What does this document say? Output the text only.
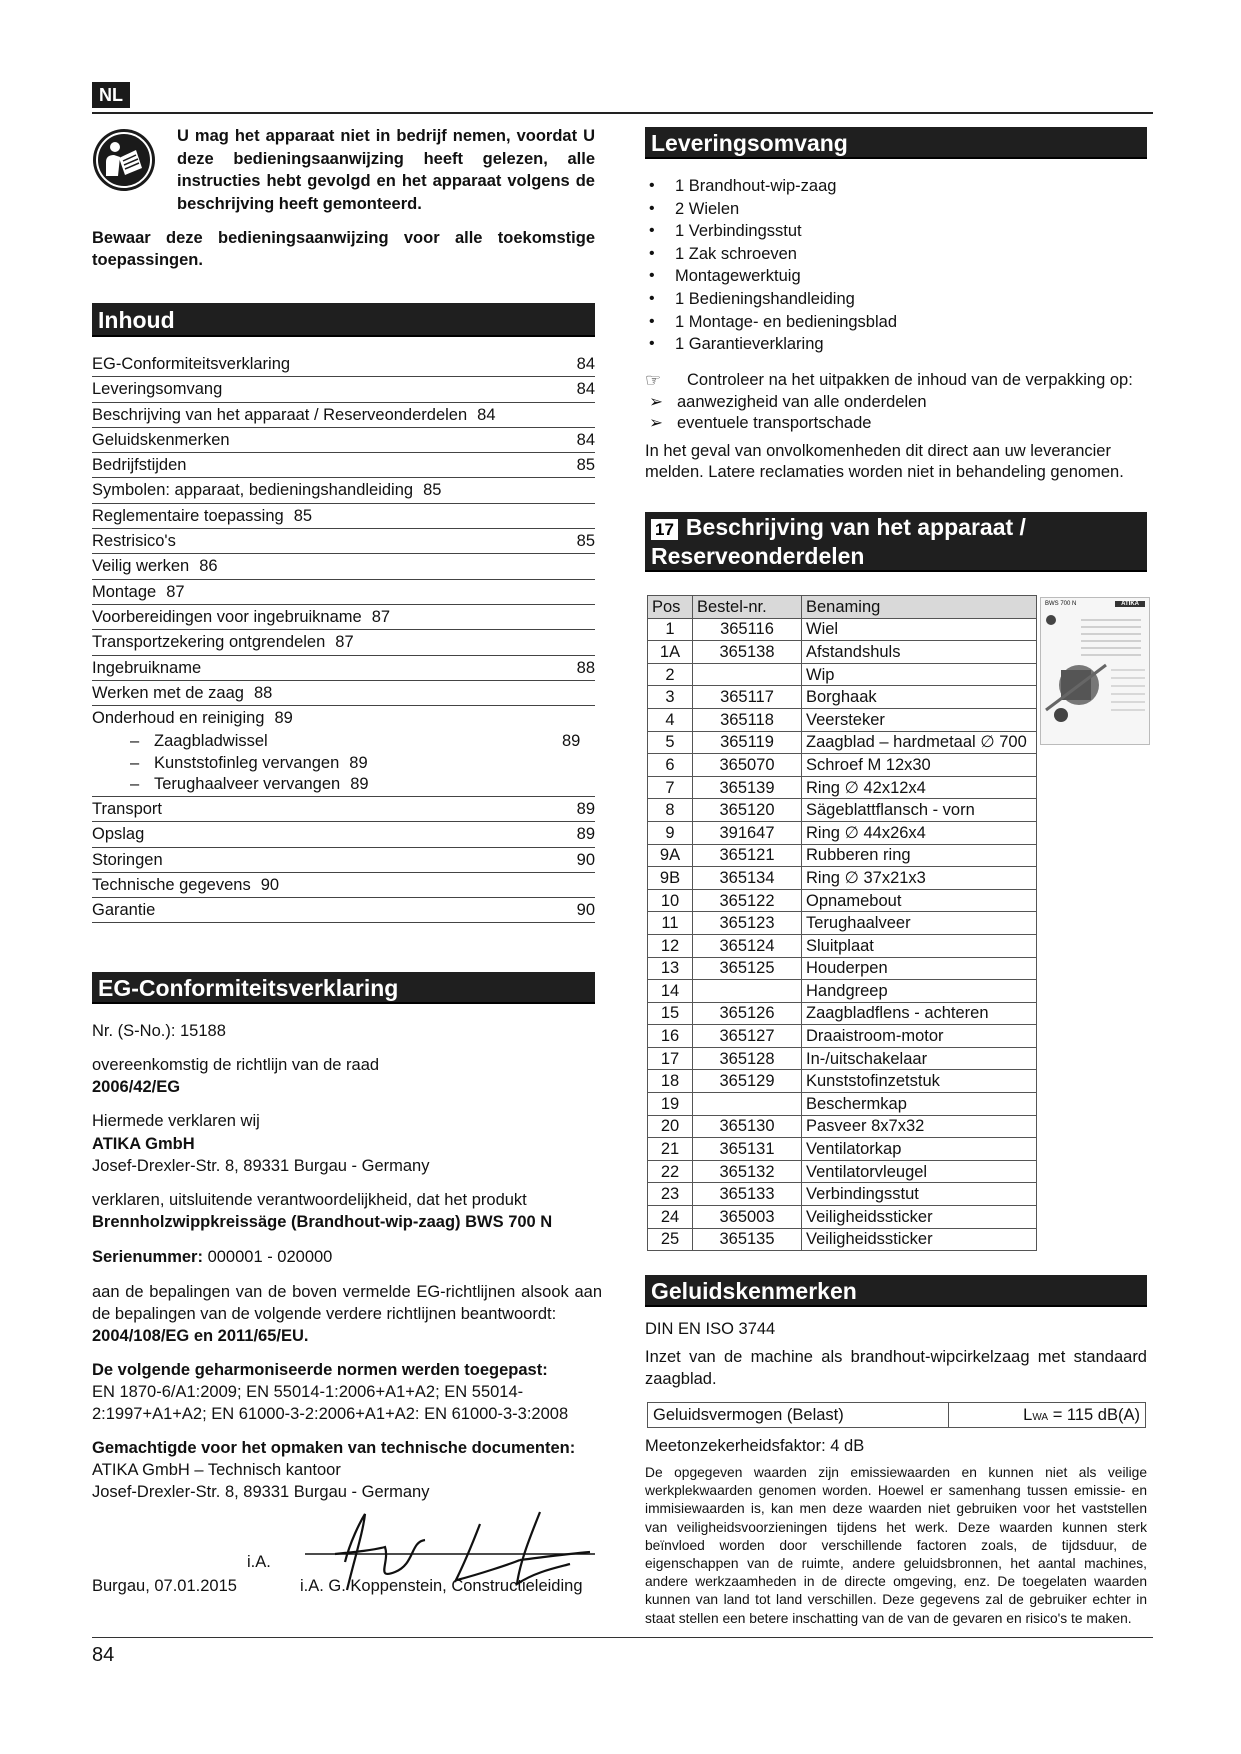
NL
U mag het apparaat niet in bedrijf nemen, voordat U deze bedieningsaanwijzing heeft gelezen, alle instructies hebt gevolgd en het apparaat volgens de beschrijving heeft gemonteerd.
Bewaar deze bedieningsaanwijzing voor alle toekomstige toepassingen.
Inhoud
EG-Conformiteitsverklaring	84
Leveringsomvang	84
Beschrijving van het apparaat / Reserveonderdelen 84
Geluidskenmerken	84
Bedrijfstijden	85
Symbolen: apparaat, bedieningshandleiding 85
Reglementaire toepassing 85
Restrisico's	85
Veilig werken 86
Montage 87
Voorbereidingen voor ingebruikname 87
Transportzekering ontgrendelen 87
Ingebruikname	88
Werken met de zaag 88
Onderhoud en reiniging 89
– Zaagbladwissel	89
– Kunststofinleg vervangen 89
– Terughaalveer vervangen 89
Transport	89
Opslag	89
Storingen	90
Technische gegevens 90
Garantie	90
EG-Conformiteitsverklaring
Nr. (S-No.): 15188
overeenkomstig de richtlijn van de raad
2006/42/EG
Hiermede verklaren wij
ATIKA GmbH
Josef-Drexler-Str. 8, 89331 Burgau - Germany
verklaren, uitsluitende verantwoordelijkheid, dat het produkt
Brennholzwippkreissäge (Brandhout-wip-zaag) BWS 700 N
Serienummer: 000001 - 020000
aan de bepalingen van de boven vermelde EG-richtlijnen alsook aan de bepalingen van de volgende verdere richtlijnen beantwoordt:
2004/108/EG en 2011/65/EU.
De volgende geharmoniseerde normen werden toegepast:
EN 1870-6/A1:2009; EN 55014-1:2006+A1+A2; EN 55014-2:1997+A1+A2; EN 61000-3-2:2006+A1+A2: EN 61000-3-3:2008
Gemachtigde voor het opmaken van technische documenten:
ATIKA GmbH – Technisch kantoor
Josef-Drexler-Str. 8, 89331 Burgau - Germany
i.A.
Burgau, 07.01.2015	i.A. G. Koppenstein, Constructieleiding
Leveringsomvang
• 1 Brandhout-wip-zaag
• 2 Wielen
• 1 Verbindingsstut
• 1 Zak schroeven
• Montagewerktuig
• 1 Bedieningshandleiding
• 1 Montage- en bedieningsblad
• 1 Garantieverklaring
☞	Controleer na het uitpakken de inhoud van de verpakking op:
➢ aanwezigheid van alle onderdelen
➢ eventuele transportschade
In het geval van onvolkomenheden dit direct aan uw leverancier melden. Latere reclamaties worden niet in behandeling genomen.
17 Beschrijving van het apparaat /
Reserveonderdelen
Pos	Bestel-nr.	Benaming
1	365116	Wiel
1A	365138	Afstandshuls
2		Wip
3	365117	Borghaak
4	365118	Veersteker
5	365119	Zaagblad – hardmetaal ∅ 700
6	365070	Schroef M 12x30
7	365139	Ring ∅ 42x12x4
8	365120	Sägeblattflansch - vorn
9	391647	Ring ∅ 44x26x4
9A	365121	Rubberen ring
9B	365134	Ring ∅ 37x21x3
10	365122	Opnamebout
11	365123	Terughaalveer
12	365124	Sluitplaat
13	365125	Houderpen
14		Handgreep
15	365126	Zaagbladflens - achteren
16	365127	Draaistroom-motor
17	365128	In-/uitschakelaar
18	365129	Kunststofinzetstuk
19		Beschermkap
20	365130	Pasveer 8x7x32
21	365131	Ventilatorkap
22	365132	Ventilatorvleugel
23	365133	Verbindingsstut
24	365003	Veiligheidssticker
25	365135	Veiligheidssticker
BWS 700 N	ATIKA
Geluidskenmerken
DIN EN ISO 3744
Inzet van de machine als brandhout-wipcirkelzaag met standaard zaagblad.
Geluidsvermogen (Belast)	LWA = 115 dB(A)
Meetonzekerheidsfaktor: 4 dB
De opgegeven waarden zijn emissiewaarden en kunnen niet als veilige werkplekwaarden genomen worden. Hoewel er samenhang tussen emissie- en immisiewaarden is, kan men deze waarden niet gebruiken voor het vaststellen van veiligheidsvoorzieningen tijdens het werk. Deze waarden kunnen sterk beïnvloed worden door verschillende factoren zoals, de tijdsduur, de eigenschappen van de ruimte, andere geluidsbronnen, het aantal machines, andere werkzaamheden in de directe omgeving, enz. De toegelaten waarden kunnen van land tot land verschillen. Deze gegevens zal de gebruiker echter in staat stellen een betere inschatting van de van de gevaren en risico's te maken.
84
